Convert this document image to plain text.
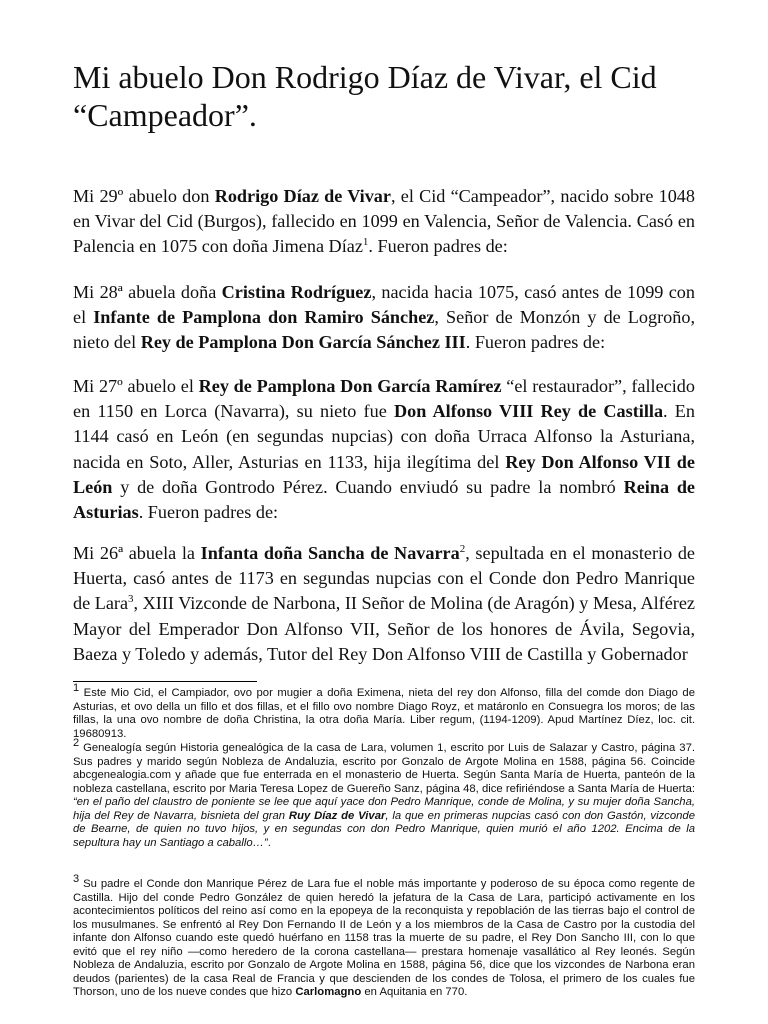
Mi abuelo Don Rodrigo Díaz de Vivar, el Cid
“Campeador”.

Mi 29º abuelo don Rodrigo Díaz de Vivar, el Cid “Campeador”, nacido sobre 1048 en Vivar del Cid (Burgos), fallecido en 1099 en Valencia, Señor de Valencia. Casó en Palencia en 1075 con doña Jimena Díaz$^1$. Fueron padres de:

Mi 28ª abuela doña Cristina Rodríguez, nacida hacia 1075, casó antes de 1099 con el Infante de Pamplona don Ramiro Sánchez, Señor de Monzón y de Logroño, nieto del Rey de Pamplona Don García Sánchez III. Fueron padres de:

Mi 27º abuelo el Rey de Pamplona Don García Ramírez “el restaurador”, fallecido en 1150 en Lorca (Navarra), su nieto fue Don Alfonso VIII Rey de Castilla. En 1144 casó en León (en segundas nupcias) con doña Urraca Alfonso la Asturiana, nacida en Soto, Aller, Asturias en 1133, hija ilegítima del Rey Don Alfonso VII de León y de doña Gontrodo Pérez. Cuando enviudó su padre la nombró Reina de Asturias. Fueron padres de:

Mi 26ª abuela la Infanta doña Sancha de Navarra$^2$, sepultada en el monasterio de Huerta, casó antes de 1173 en segundas nupcias con el Conde don Pedro Manrique de Lara$^3$, XIII Vizconde de Narbona, II Señor de Molina (de Aragón) y Mesa, Alférez Mayor del Emperador Don Alfonso VII, Señor de los honores de Ávila, Segovia, Baeza y Toledo y además, Tutor del Rey Don Alfonso VIII de Castilla y Gobernador

$^1$ Este Mio Cid, el Campiador, ovo por mugier a doña Eximena, nieta del rey don Alfonso, filla del comde don Diago de Asturias, et ovo della un fillo et dos fillas, et el fillo ovo nombre Diago Royz, et matáronlo en Consuegra los moros; de las fillas, la una ovo nombre de doña Christina, la otra doña María. Liber regum, (1194-1209). Apud Martínez Díez, loc. cit. 19680913.

$^2$ Genealogía según Historia genealógica de la casa de Lara, volumen 1, escrito por Luis de Salazar y Castro, página 37. Sus padres y marido según Nobleza de Andaluzia, escrito por Gonzalo de Argote Molina en 1588, página 56. Coincide abcgenealogia.com y añade que fue enterrada en el monasterio de Huerta. Según Santa María de Huerta, panteón de la nobleza castellana, escrito por Maria Teresa Lopez de Guereño Sanz, página 48, dice refiriéndose a Santa María de Huerta: “en el paño del claustro de poniente se lee que aquí yace don Pedro Manrique, conde de Molina, y su mujer doña Sancha, hija del Rey de Navarra, bisnieta del gran Ruy Díaz de Vivar, la que en primeras nupcias casó con don Gastón, vizconde de Bearne, de quien no tuvo hijos, y en segundas con don Pedro Manrique, quien murió el año 1202. Encima de la sepultura hay un Santiago a caballo…”.

$^3$ Su padre el Conde don Manrique Pérez de Lara fue el noble más importante y poderoso de su época como regente de Castilla. Hijo del conde Pedro González de quien heredó la jefatura de la Casa de Lara, participó activamente en los acontecimientos políticos del reino así como en la epopeya de la reconquista y repoblación de las tierras bajo el control de los musulmanes. Se enfrentó al Rey Don Fernando II de León y a los miembros de la Casa de Castro por la custodia del infante don Alfonso cuando este quedó huérfano en 1158 tras la muerte de su padre, el Rey Don Sancho III, con lo que evitó que el rey niño —como heredero de la corona castellana— prestara homenaje vasallático al Rey leonés. Según Nobleza de Andaluzia, escrito por Gonzalo de Argote Molina en 1588, página 56, dice que los vizcondes de Narbona eran deudos (parientes) de la casa Real de Francia y que descienden de los condes de Tolosa, el primero de los cuales fue Thorson, uno de los nueve condes que hizo Carlomagno en Aquitania en 770.
